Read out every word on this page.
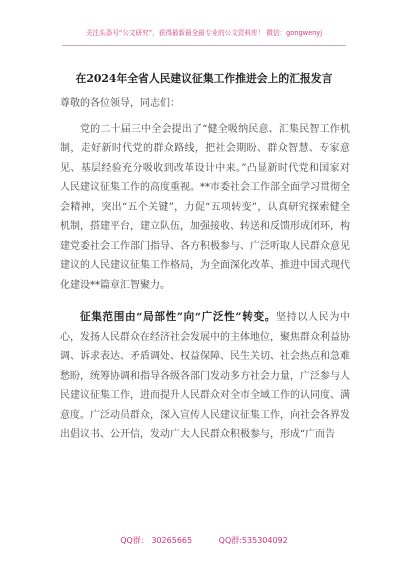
关注头条号“公文研究”，获得最新最全最专业的公文资料库！ 微信：gongwenyj
在2024年全省人民建议征集工作推进会上的汇报发言

尊敬的各位领导，同志们：

党的二十届三中全会提出了“健全吸纳民意、汇集民智工作机制，走好新时代党的群众路线，把社会期盼、群众智慧、专家意见、基层经验充分吸收到改革设计中来。”凸显新时代党和国家对人民建议征集工作的高度重视。**市委社会工作部全面学习贯彻全会精神，突出“五个关键”，力促“五项转变”，认真研究探索健全机制，搭建平台，建立队伍，加强接收、转送和反馈形成闭环，构建党委社会工作部门指导、各方积极参与、广泛听取人民群众意见建议的人民建议征集工作格局，为全面深化改革、推进中国式现代化建设**篇章汇智聚力。

征集范围由“局部性”向“广泛性”转变。坚持以人民为中心，发扬人民群众在经济社会发展中的主体地位，聚焦群众利益协调、诉求表达、矛盾调处、权益保障、民生关切、社会热点和急难愁盼，统筹协调和指导各级各部门发动多方社会力量，广泛参与人民建议征集工作，进而提升人民群众对全市全域工作的认同度、满意度。广泛动员群众，深入宣传人民建议征集工作，向社会各界发出倡议书、公开信，发动广大人民群众积极参与，形成“广而告

QQ群： 30265665	QQ群:535304092
